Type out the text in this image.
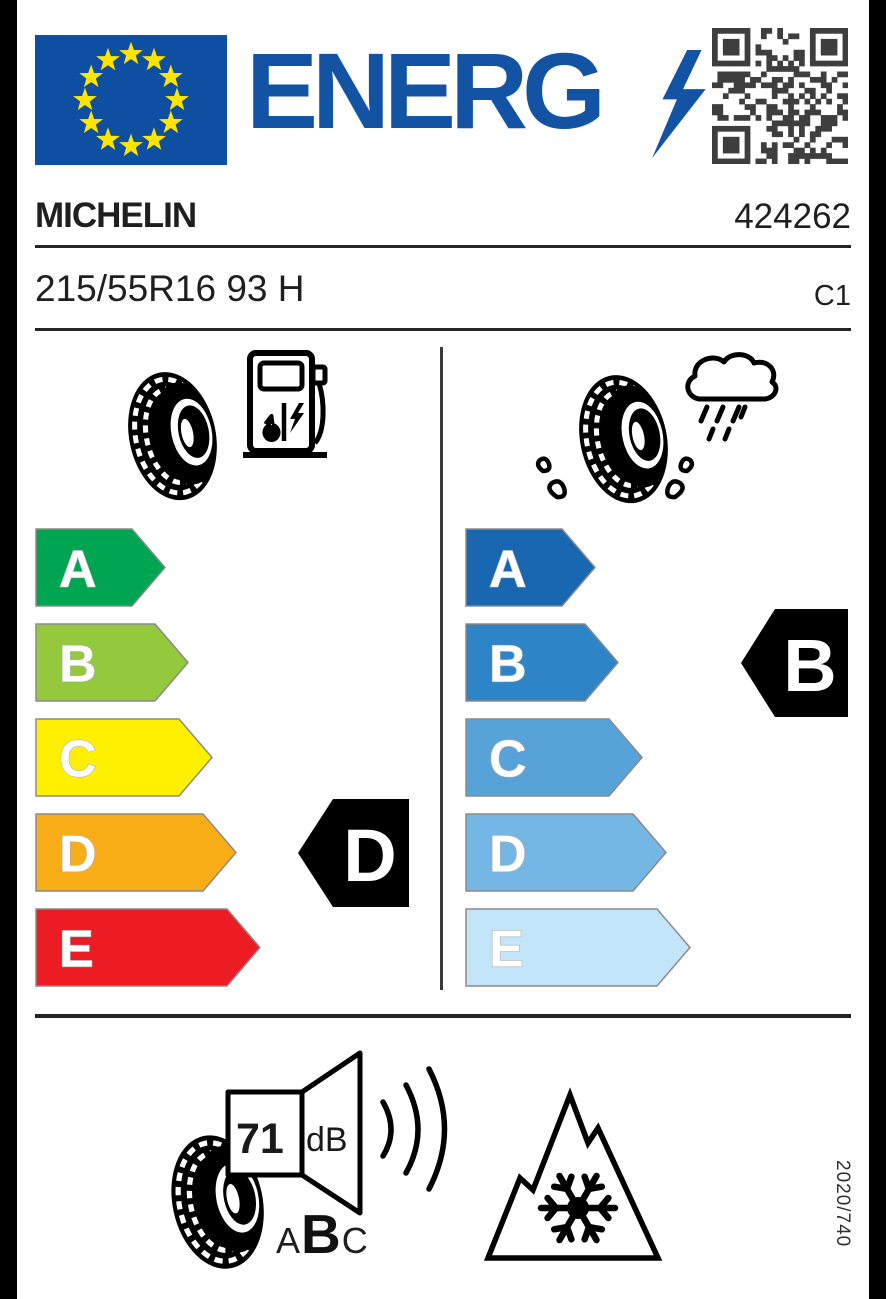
ENERG
MICHELIN	424262
215/55R16 93 H	C1
A
B
C
D
E
A
B
C
D
E
D
B
71 dB
A B C	2020/740
